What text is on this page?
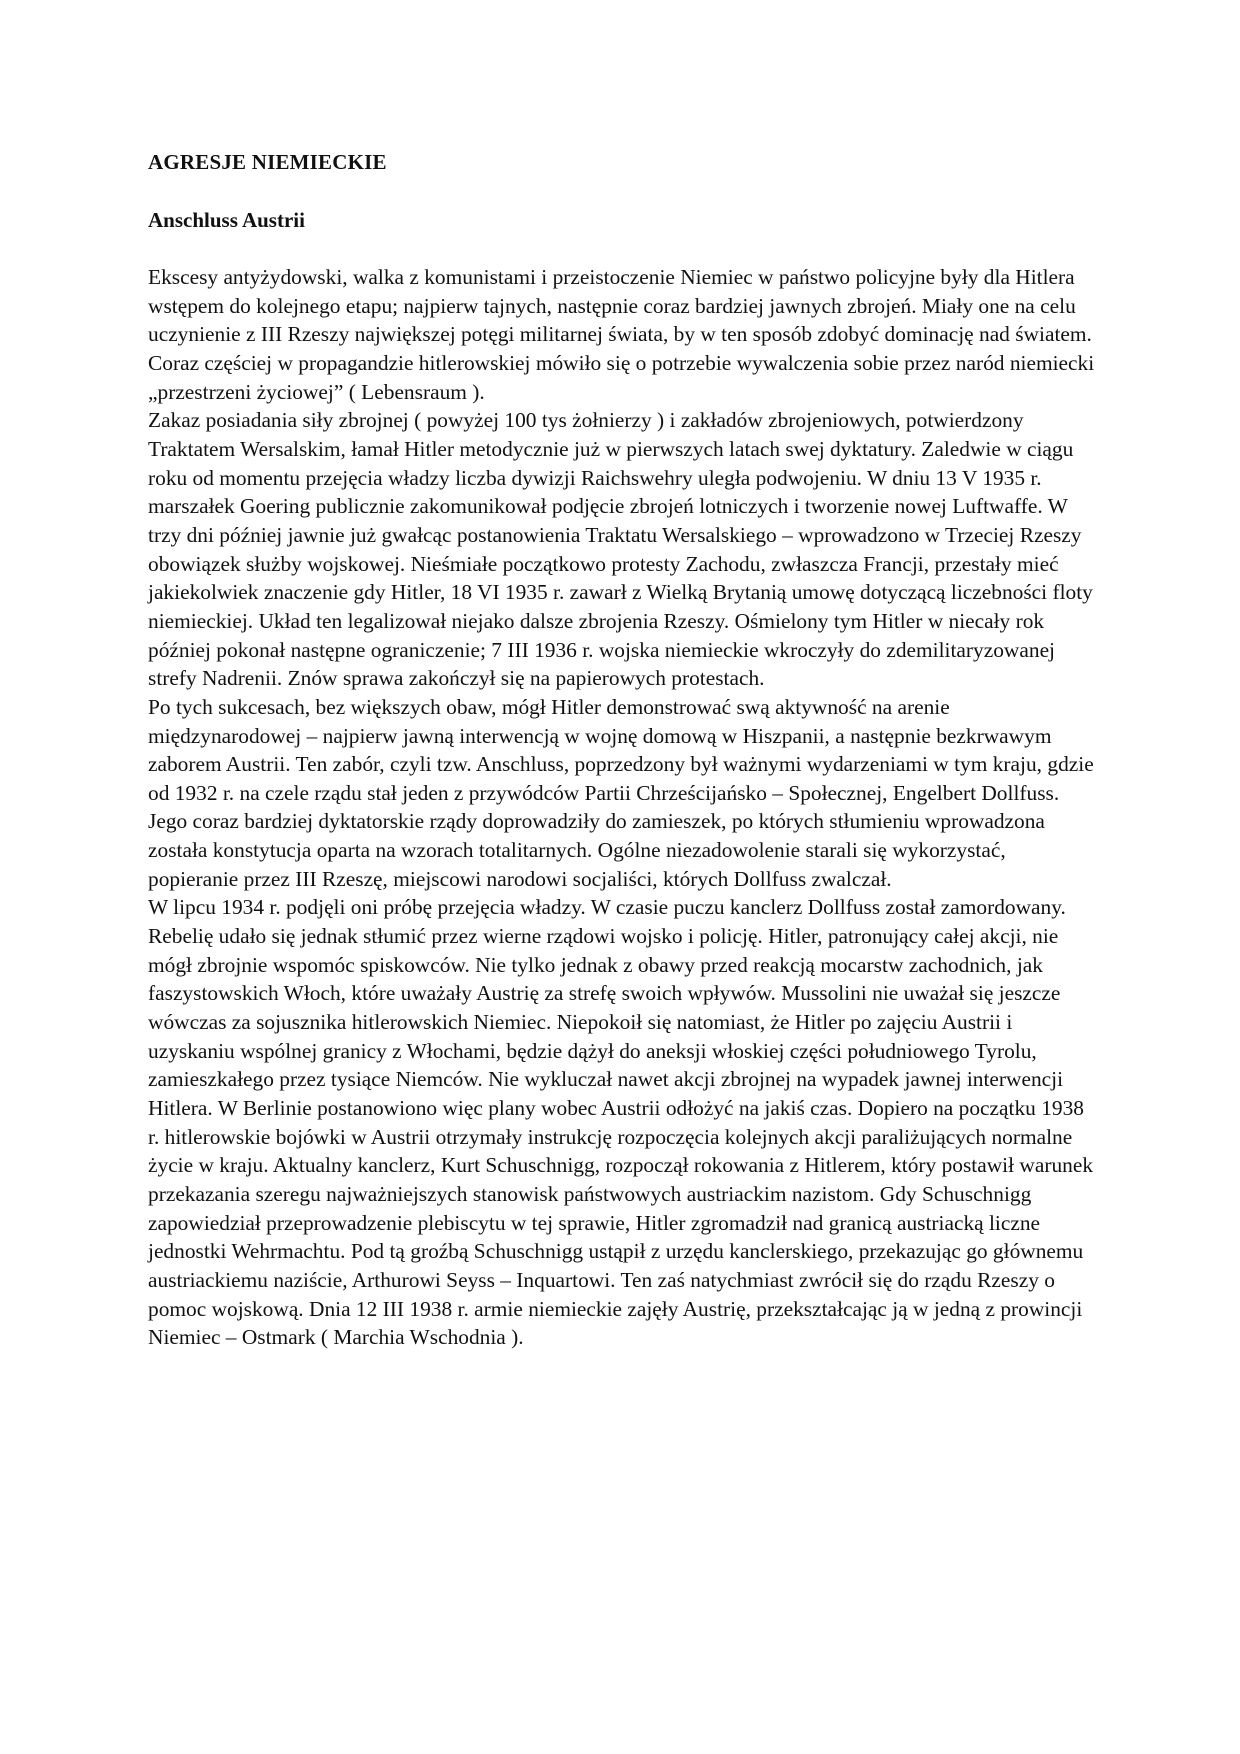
AGRESJE NIEMIECKIE
Anschluss Austrii

Ekscesy antyżydowski, walka z komunistami i przeistoczenie Niemiec w państwo policyjne były dla Hitlera wstępem do kolejnego etapu; najpierw tajnych, następnie coraz bardziej jawnych zbrojeń. Miały one na celu uczynienie z III Rzeszy największej potęgi militarnej świata, by w ten sposób zdobyć dominację nad światem. Coraz częściej w propagandzie hitlerowskiej mówiło się o potrzebie wywalczenia sobie przez naród niemiecki „przestrzeni życiowej” ( Lebensraum ).

Zakaz posiadania siły zbrojnej ( powyżej 100 tys żołnierzy ) i zakładów zbrojeniowych, potwierdzony Traktatem Wersalskim, łamał Hitler metodycznie już w pierwszych latach swej dyktatury. Zaledwie w ciągu roku od momentu przejęcia władzy liczba dywizji Raichswehry uległa podwojeniu. W dniu 13 V 1935 r. marszałek Goering publicznie zakomunikował podjęcie zbrojeń lotniczych i tworzenie nowej Luftwaffe. W trzy dni później jawnie już gwałcąc postanowienia Traktatu Wersalskiego – wprowadzono w Trzeciej Rzeszy obowiązek służby wojskowej. Nieśmiałe początkowo protesty Zachodu, zwłaszcza Francji, przestały mieć jakiekolwiek znaczenie gdy Hitler, 18 VI 1935 r. zawarł z Wielką Brytanią umowę dotyczącą liczebności floty niemieckiej. Układ ten legalizował niejako dalsze zbrojenia Rzeszy. Ośmielony tym Hitler w niecały rok później pokonał następne ograniczenie; 7 III 1936 r. wojska niemieckie wkroczyły do zdemilitaryzowanej strefy Nadrenii. Znów sprawa zakończył się na papierowych protestach.

Po tych sukcesach, bez większych obaw, mógł Hitler demonstrować swą aktywność na arenie międzynarodowej – najpierw jawną interwencją w wojnę domową w Hiszpanii, a następnie bezkrwawym zaborem Austrii. Ten zabór, czyli tzw. Anschluss, poprzedzony był ważnymi wydarzeniami w tym kraju, gdzie od 1932 r. na czele rządu stał jeden z przywódców Partii Chrześcijańsko – Społecznej, Engelbert Dollfuss. Jego coraz bardziej dyktatorskie rządy doprowadziły do zamieszek, po których stłumieniu wprowadzona została konstytucja oparta na wzorach totalitarnych. Ogólne niezadowolenie starali się wykorzystać, popieranie przez III Rzeszę, miejscowi narodowi socjaliści, których Dollfuss zwalczał.

W lipcu 1934 r. podjęli oni próbę przejęcia władzy. W czasie puczu kanclerz Dollfuss został zamordowany. Rebelię udało się jednak stłumić przez wierne rządowi wojsko i policję. Hitler, patronujący całej akcji, nie mógł zbrojnie wspomóc spiskowców. Nie tylko jednak z obawy przed reakcją mocarstw zachodnich, jak faszystowskich Włoch, które uważały Austrię za strefę swoich wpływów. Mussolini nie uważał się jeszcze wówczas za sojusznika hitlerowskich Niemiec. Niepokoił się natomiast, że Hitler po zajęciu Austrii i uzyskaniu wspólnej granicy z Włochami, będzie dążył do aneksji włoskiej części południowego Tyrolu, zamieszkałego przez tysiące Niemców. Nie wykluczał nawet akcji zbrojnej na wypadek jawnej interwencji Hitlera. W Berlinie postanowiono więc plany wobec Austrii odłożyć na jakiś czas. Dopiero na początku 1938 r. hitlerowskie bojówki w Austrii otrzymały instrukcję rozpoczęcia kolejnych akcji paraliżujących normalne życie w kraju. Aktualny kanclerz, Kurt Schuschnigg, rozpoczął rokowania z Hitlerem, który postawił warunek przekazania szeregu najważniejszych stanowisk państwowych austriackim nazistom. Gdy Schuschnigg zapowiedział przeprowadzenie plebiscytu w tej sprawie, Hitler zgromadził nad granicą austriacką liczne jednostki Wehrmachtu. Pod tą groźbą Schuschnigg ustąpił z urzędu kanclerskiego, przekazując go głównemu austriackiemu naziście, Arthurowi Seyss – Inquartowi. Ten zaś natychmiast zwrócił się do rządu Rzeszy o pomoc wojskową. Dnia 12 III 1938 r. armie niemieckie zajęły Austrię, przekształcając ją w jedną z prowincji Niemiec – Ostmark ( Marchia Wschodnia ).
